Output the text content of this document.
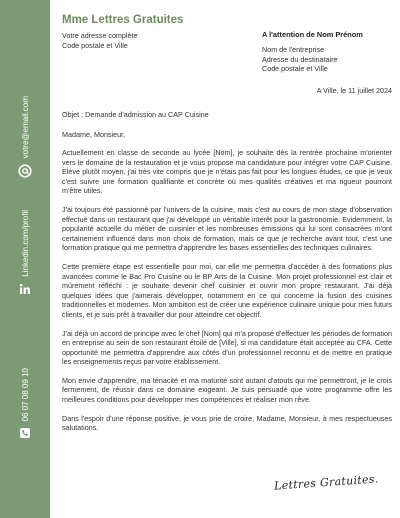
votre@email.com
Linkedin.com/profil
06 07 08 09 10
Mme Lettres Gratuites
Votre adresse complète
Code postale et Ville
A l'attention de Nom Prénom
Nom de l'entreprise
Adresse du destinataire
Code postale et Ville
A Ville, le 11 juillet 2024
Objet : Demande d'admission au CAP Cuisine
Madame, Monsieur,

Actuellement en classe de seconde au lycée [Nom], je souhaite dès la rentrée prochaine m'orienter vers le domaine de la restauration et je vous propose ma candidature pour intégrer votre CAP Cuisine. Elève plutôt moyen, j'ai très vite compris que je n'étais pas fait pour les longues études, ce que je veux c'est suivre une formation qualifiante et concrète où mes qualités créatives et ma rigueur pourront m'être utiles.

J'ai toujours été passionné par l'univers de la cuisine, mais c'est au cours de mon stage d'observation effectué dans un restaurant que j'ai développé un véritable intérêt pour la gastronomie. Evidemment, la popularité actuelle du métier de cuisinier et les nombreuses émissions qui lui sont consacrées m'ont certainement influencé dans mon choix de formation, mais ce que je recherche avant tout, c'est une formation pratique qui me permettra d'apprendre les bases essentielles des techniques culinaires.

Cette première étape est essentielle pour moi, car elle me permettra d'accéder à des formations plus avancées comme le Bac Pro Cuisine ou le BP Arts de la Cuisine. Mon projet professionnel est clair et mûrement réfléchi : je souhaite devenir chef cuisinier et ouvrir mon propre restaurant. J'ai déjà quelques idées que j'aimerais développer, notamment en ce qui concerne la fusion des cuisines traditionnelles et modernes. Mon ambition est de créer une expérience culinaire unique pour mes futurs clients, et je suis prêt à travailler dur pour atteindre cet objectif.

J'ai déjà un accord de principe avec le chef [Nom] qui m'a proposé d'effectuer les périodes de formation en entreprise au sein de son restaurant étoilé de [Ville], si ma candidature était acceptée au CFA. Cette opportunité me permettra d'apprendre aux côtés d'un professionnel reconnu et de mettre en pratique les enseignements reçus par votre établissement.

Mon envie d'apprendre, ma ténacité et ma maturité sont autant d'atouts qui me permettront, je le crois fermement, de réussir dans ce domaine exigeant. Je suis persuadé que votre programme offre les meilleures conditions pour développer mes compétences et réaliser mon rêve.

Dans l'espoir d'une réponse positive, je vous prie de croire, Madame, Monsieur, à mes respectueuses salutations.

Lettres Gratuites.
